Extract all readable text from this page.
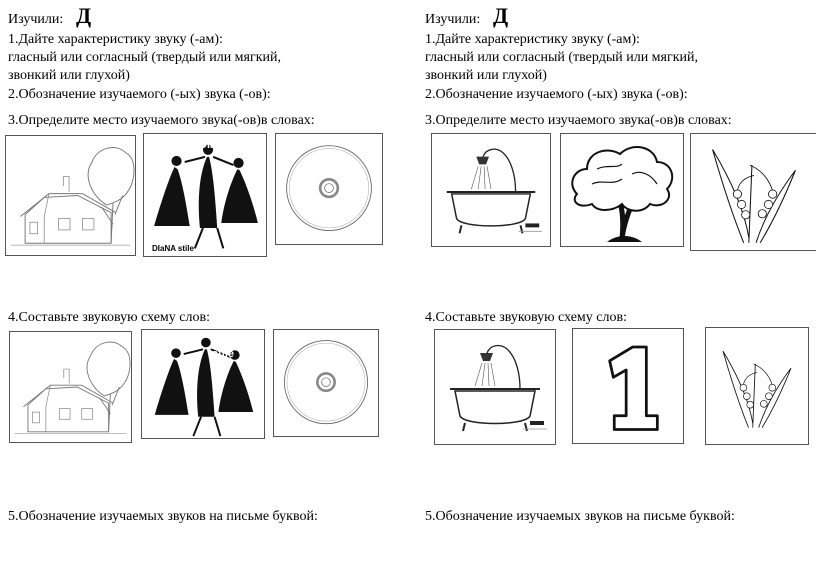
Изучили: Д
1.Дайте характеристику звуку (-ам):
гласный или согласный (твердый или мягкий,
звонкий или глухой)
2.Обозначение изучаемого (-ых) звука (-ов):
3.Определите место изучаемого звука(-ов)в словах:
DIaNA stile
DIaNA stile
4.Составьте звуковую схему слов:
DIaNA stile
5.Обозначение изучаемых звуков на письме буквой:
Изучили: Д
1.Дайте характеристику звуку (-ам):
гласный или согласный (твердый или мягкий,
звонкий или глухой)
2.Обозначение изучаемого (-ых) звука (-ов):
3.Определите место изучаемого звука(-ов)в словах:
4.Составьте звуковую схему слов:
5.Обозначение изучаемых звуков на письме буквой:
